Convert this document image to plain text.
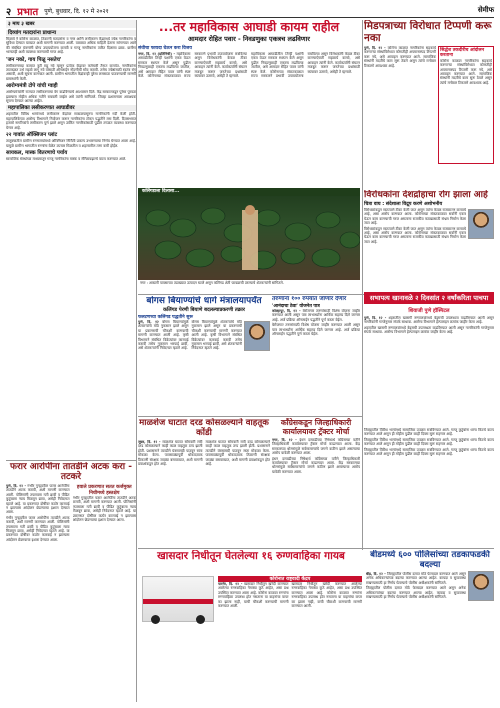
२ प्रभात पुणे, बुधवार, दि. १२ मे २०२१	सेमीफ
३ माय ३ खबर
दिव्यांग मतदारांना प्राधान्य

मिळावे ने कोरोना काळात, ठिकाणी मतदारांना व नगर आणि लसीकरण केंद्रामध्ये ज्येष्ठ नागरिकांना व सुविधा देण्यात याव्यात अशी मागणी करण्यात आली. याबाबत अधिक माहिती देताना सांगण्यात आले की संबंधित यंत्रणांनी योग्य उपाययोजना करावी व गरजू नागरिकांना त्वरित दिलासा द्यावा. ग्रामीण भागातही अशी व्यवस्था करण्याची गरज आहे.

'जन नको, गाय पिळू नसतेच'

लसीकरणाच्या कामात त्रुटी राहू नये म्हणून प्रत्येक केंद्रावर कर्मचारी तैनात करावेत. नागरिकांना ताटकळत उभे राहावे लागू नये यासाठी ऑनलाईन नोंदणीची सोय करावी. तसेच ज्येष्ठांसाठी स्वतंत्र रांग असावी, अशी सूचना करण्यात आली. ग्रामीण भागातील केंद्रांवरही पुरेसा लससाठा पाठवण्याची मागणी ग्रामस्थांनी केली.

आरोग्यमंत्री टोपे यांची ग्वाही

आरोग्यमंत्र्यांनी राज्यात लसीकरणाचा वेग वाढविण्याचे आश्वासन दिले. केंद्र सरकारकडून पुरेसा पुरवठा झाल्यास मोहीम अधिक गतीने राबवली जाईल असे त्यांनी सांगितले. जिल्हा प्रशासनाला आवश्यक सूचना देण्यात आल्या आहेत.

महापालिका लसीकरणात आघाडीवर

शहरातील विविध भागांमध्ये लसीकरण केंद्रांवर सकाळपासूनच नागरिकांनी गर्दी केली होती. महापालिकेच्या आरोग्य विभागाने नियोजन करून नागरिकांना टोकन पद्धतीने लस दिली. दिवसभरात हजारो नागरिकांचे लसीकरण पूर्ण झाले असून उर्वरित नागरिकांसाठी पुढील टप्प्यात व्यवस्था करण्यात येणार आहे.

२२ गावांत ऑक्सिजन प्लांट

तालुक्यातील ग्रामीण रुग्णालयांमध्ये ऑक्सिजन निर्मिती प्रकल्प उभारण्याचा निर्णय घेण्यात आला आहे. यामुळे ग्रामीण भागातील रुग्णांना वेळेत उपचार मिळतील व शहरावरील ताण कमी होईल.

सायकल, मास्क वितरणाचे पर्याय

सामाजिक संस्थांच्या माध्यमातून गरजू नागरिकांना मास्क व सॅनिटायझरचे वाटप करण्यात आले.

...तर महाविकास आघाडी कायम राहील
आमदार रोहित पवार - निवडणुका एकत्रच लढविणार
संधीचा फायदा घेऊन करा विजय

नगर, दि. १२ (प्रतिनिधी) - महाविकास आघाडीतील तिन्ही पक्षांनी एकत्र येऊन सरकार स्थापन केले असून पुढील निवडणुकाही एकत्रच लढविल्या जातील, असे आमदार रोहित पवार यांनी स्पष्ट केले. कोरोनाच्या संकटकाळात राज्य सरकारने प्रभावी उपाययोजना राबविल्या असून विरोधकांनी केवळ टीका करण्याऐवजी सहकार्य करावे, असे आवाहन त्यांनी केले. कार्यकर्त्यांनी संघटन मजबूत करून जनतेच्या प्रश्नांसाठी रस्त्यावर उतरावे, असेही ते म्हणाले.

महाविकास आघाडीतील तिन्ही पक्षांनी एकत्र येऊन सरकार स्थापन केले असून पुढील निवडणुकाही एकत्रच लढविल्या जातील, असे आमदार रोहित पवार यांनी स्पष्ट केले. कोरोनाच्या संकटकाळात राज्य सरकारने प्रभावी उपाययोजना राबविल्या असून विरोधकांनी केवळ टीका करण्याऐवजी सहकार्य करावे, असे आवाहन त्यांनी केले. कार्यकर्त्यांनी संघटन मजबूत करून जनतेच्या प्रश्नांसाठी रस्त्यावर उतरावे, असेही ते म्हणाले.

कलिंगडाला दिलासा...
नगर : अकाली पावसाच्या तडाख्यात उत्पादन घटले असून कलिंगड शेती फायद्याची ठरल्याचे शेतकऱ्यांनी सांगितले.
मिडपत्राच्या विरोधात टिप्पणी करू नका

पुणे, दि. १२ - कोरोना काळात नागरिकांना सहकार्य करणाऱ्या संस्थांविरोधात कोणतीही अपमानास्पद टिप्पणी करू नये, असे आवाहन करण्यात आले. सामाजिक संस्थांनी मदतीचे काम सुरू ठेवले असून त्यांचे मनोबल टिकवणे आवश्यक आहे.

सिद्धेश तकदीरीच आंदोलन करताना

कोरोना काळात नागरिकांना सहकार्य करणाऱ्या संस्थांविरोधात कोणतीही अपमानास्पद टिप्पणी करू नये, असे आवाहन करण्यात आले. सामाजिक संस्थांनी मदतीचे काम सुरू ठेवले असून त्यांचे मनोबल टिकवणे आवश्यक आहे.

विरोधकांना देशद्रोहाचा रोग झाला आहे
चित्रा वाघ : संदेशाला विद्रूप करणे अशोभनीय

विरोधकांकडून सातत्याने टीका केली जात असून त्यांना केवळ राजकारण करायचे आहे, असा आरोप करण्यात आला. कोरोनाच्या संकटकाळात सर्वांनी एकत्र येऊन काम करण्याची गरज असताना राजकीय फायद्यासाठी संभ्रम निर्माण केला जात आहे.

विरोधकांकडून सातत्याने टीका केली जात असून त्यांना केवळ राजकारण करायचे आहे, असा आरोप करण्यात आला. कोरोनाच्या संकटकाळात सर्वांनी एकत्र येऊन काम करण्याची गरज असताना राजकीय फायद्यासाठी संभ्रम निर्माण केला जात आहे.

बोगस बियाण्यांचे धागे मंत्रालयापर्यंत
कलिंगड पेरणी बियाणे बदलल्याप्रकरणी तक्रार
फलटणच्या कलिंगड पद्धतीने सुरू

पुणे, दि. १२ बोगस बियाण्यांमुळे शेतकऱ्यांचे मोठे नुकसान झाले असून या प्रकरणाची चौकशी करण्याची मागणी करण्यात आली आहे. कृषी विभागाने संबंधित विक्रेत्यांवर कारवाई करावी तसेच नुकसान भरपाई द्यावी, असे शेतकऱ्यांनी निवेदनात म्हटले आहे.

बोगस बियाण्यांमुळे शेतकऱ्यांचे मोठे नुकसान झाले असून या प्रकरणाची चौकशी करण्याची मागणी करण्यात आली आहे. कृषी विभागाने संबंधित विक्रेत्यांवर कारवाई करावी तसेच नुकसान भरपाई द्यावी, असे शेतकऱ्यांनी निवेदनात म्हटले आहे.

तरुणांना १०० रुपयात जाणार देणार
'आनंदाचा ठेवा' योजनेत पात्र

कोल्हापूर, दि. १२ - बेरोजगार तरुणांसाठी विशेष योजना जाहीर करण्यात आली असून पात्र लाभार्थ्यांना आर्थिक सहाय्य दिले जाणार आहे. अर्ज प्रक्रिया ऑनलाईन पद्धतीने पूर्ण करता येईल.

बेरोजगार तरुणांसाठी विशेष योजना जाहीर करण्यात आली असून पात्र लाभार्थ्यांना आर्थिक सहाय्य दिले जाणार आहे. अर्ज प्रक्रिया ऑनलाईन पद्धतीने पूर्ण करता येईल.

सभापत्य खानावळे २ दिवसांत २ वर्षांकरिता पाचपा
शिवाजी पुणे हॉस्पिटल

पुणे, दि. १२ - शहरातील खासगी रुग्णालयांमध्ये बेड्सची उपलब्धता वाढविण्यात आली असून नागरिकांनी गरजेनुसार संपर्क साधावा. आरोग्य विभागाने हेल्पलाइन क्रमांक जाहीर केला आहे.

शहरातील खासगी रुग्णालयांमध्ये बेड्सची उपलब्धता वाढविण्यात आली असून नागरिकांनी गरजेनुसार संपर्क साधावा. आरोग्य विभागाने हेल्पलाइन क्रमांक जाहीर केला आहे.

माळशेज घाटात दरड कोसळल्याने वाहतूक कोंडी

जुन्नर, दि. १२ - माळशेज घाटात सोमवारी रात्री दरड कोसळल्याने काही काळ वाहतूक ठप्प झाली होती. प्रशासनाने तातडीने यंत्रसामग्री पाठवून रस्ता मोकळा केला. पावसाळ्यापूर्वी धोकादायक ठिकाणी संरक्षक जाळ्या बसवाव्यात, अशी मागणी प्रवाशांकडून होत आहे.

माळशेज घाटात सोमवारी रात्री दरड कोसळल्याने काही काळ वाहतूक ठप्प झाली होती. प्रशासनाने तातडीने यंत्रसामग्री पाठवून रस्ता मोकळा केला. पावसाळ्यापूर्वी धोकादायक ठिकाणी संरक्षक जाळ्या बसवाव्यात, अशी मागणी प्रवाशांकडून होत आहे.

काँग्रेसकडून जिल्हाधिकारी कार्यालयावर ट्रॅक्टर मोर्चा

नगर, दि. १२ - इंधन दरवाढीच्या निषेधार्थ काँग्रेसच्या वतीने जिल्हाधिकारी कार्यालयावर ट्रॅक्टर मोर्चा काढण्यात आला. केंद्र सरकारच्या धोरणांमुळे सर्वसामान्यांचे जगणे कठीण झाले असल्याचा आरोप यावेळी करण्यात आला.

इंधन दरवाढीच्या निषेधार्थ काँग्रेसच्या वतीने जिल्हाधिकारी कार्यालयावर ट्रॅक्टर मोर्चा काढण्यात आला. केंद्र सरकारच्या धोरणांमुळे सर्वसामान्यांचे जगणे कठीण झाले असल्याचा आरोप यावेळी करण्यात आला.

जिल्ह्यातील विविध भागांमध्ये सामाजिक उपक्रम राबविण्यात आले. गरजू कुटुंबांना धान्य किटचे वाटप करण्यात आले असून ही मोहीम पुढील काही दिवस सुरू राहणार आहे.

जिल्ह्यातील विविध भागांमध्ये सामाजिक उपक्रम राबविण्यात आले. गरजू कुटुंबांना धान्य किटचे वाटप करण्यात आले असून ही मोहीम पुढील काही दिवस सुरू राहणार आहे.

जिल्ह्यातील विविध भागांमध्ये सामाजिक उपक्रम राबविण्यात आले. गरजू कुटुंबांना धान्य किटचे वाटप करण्यात आले असून ही मोहीम पुढील काही दिवस सुरू राहणार आहे.

फरार आरोपींना तातडीने अटक करा - तटकरे

पुणे, दि. १२ - गंभीर गुन्ह्यातील फरार आरोपींना तातडीने अटक करावी, अशी मागणी करण्यात आली. पोलिसांनी तपासाला गती द्यावी व पीडित कुटुंबाला न्याय मिळवून द्यावा, असेही निवेदनात म्हटले आहे. या प्रकरणात दोषींवर कठोर कारवाई न झाल्यास आंदोलन छेडण्याचा इशारा देण्यात आला.

गंभीर गुन्ह्यातील फरार आरोपींना तातडीने अटक करावी, अशी मागणी करण्यात आली. पोलिसांनी तपासाला गती द्यावी व पीडित कुटुंबाला न्याय मिळवून द्यावा, असेही निवेदनात म्हटले आहे. या प्रकरणात दोषींवर कठोर कारवाई न झाल्यास आंदोलन छेडण्याचा इशारा देण्यात आला.

हवाले प्रकरणात सतत कर्जमुक्त निधीमध्ये हस्तक्षेप

गंभीर गुन्ह्यातील फरार आरोपींना तातडीने अटक करावी, अशी मागणी करण्यात आली. पोलिसांनी तपासाला गती द्यावी व पीडित कुटुंबाला न्याय मिळवून द्यावा, असेही निवेदनात म्हटले आहे. या प्रकरणात दोषींवर कठोर कारवाई न झाल्यास आंदोलन छेडण्याचा इशारा देण्यात आला.

खासदार निधीतून घेतलेल्या १६ रुग्णवाहिका गायब
कोरोनात राष्ट्रवादी केंद्रप

पारनेर, दि. १२ - खासदार निधीतून खरेदी करण्यात आलेल्या रुग्णवाहिका नेमक्या कुठे आहेत, असा प्रश्न उपस्थित करण्यात आला आहे. कोरोना काळात रुग्णांना रुग्णवाहिका उपलब्ध होत नसताना या वाहनांचा वापर का झाला नाही, याची चौकशी करण्याची मागणी करण्यात आली.

खासदार निधीतून खरेदी करण्यात आलेल्या रुग्णवाहिका नेमक्या कुठे आहेत, असा प्रश्न उपस्थित करण्यात आला आहे. कोरोना काळात रुग्णांना रुग्णवाहिका उपलब्ध होत नसताना या वाहनांचा वापर का झाला नाही, याची चौकशी करण्याची मागणी करण्यात आली.

बीडमध्ये ६०० पोलिसांच्या तडकाफडकी बदल्या

बीड, दि. १२ - जिल्ह्यातील पोलीस दलात मोठे फेरबदल करण्यात आले असून अनेक अधिकाऱ्यांच्या बदल्या करण्यात आल्या आहेत. कायदा व सुव्यवस्था राखण्यासाठी हा निर्णय घेतल्याचे पोलीस अधीक्षकांनी सांगितले.

जिल्ह्यातील पोलीस दलात मोठे फेरबदल करण्यात आले असून अनेक अधिकाऱ्यांच्या बदल्या करण्यात आल्या आहेत. कायदा व सुव्यवस्था राखण्यासाठी हा निर्णय घेतल्याचे पोलीस अधीक्षकांनी सांगितले.
